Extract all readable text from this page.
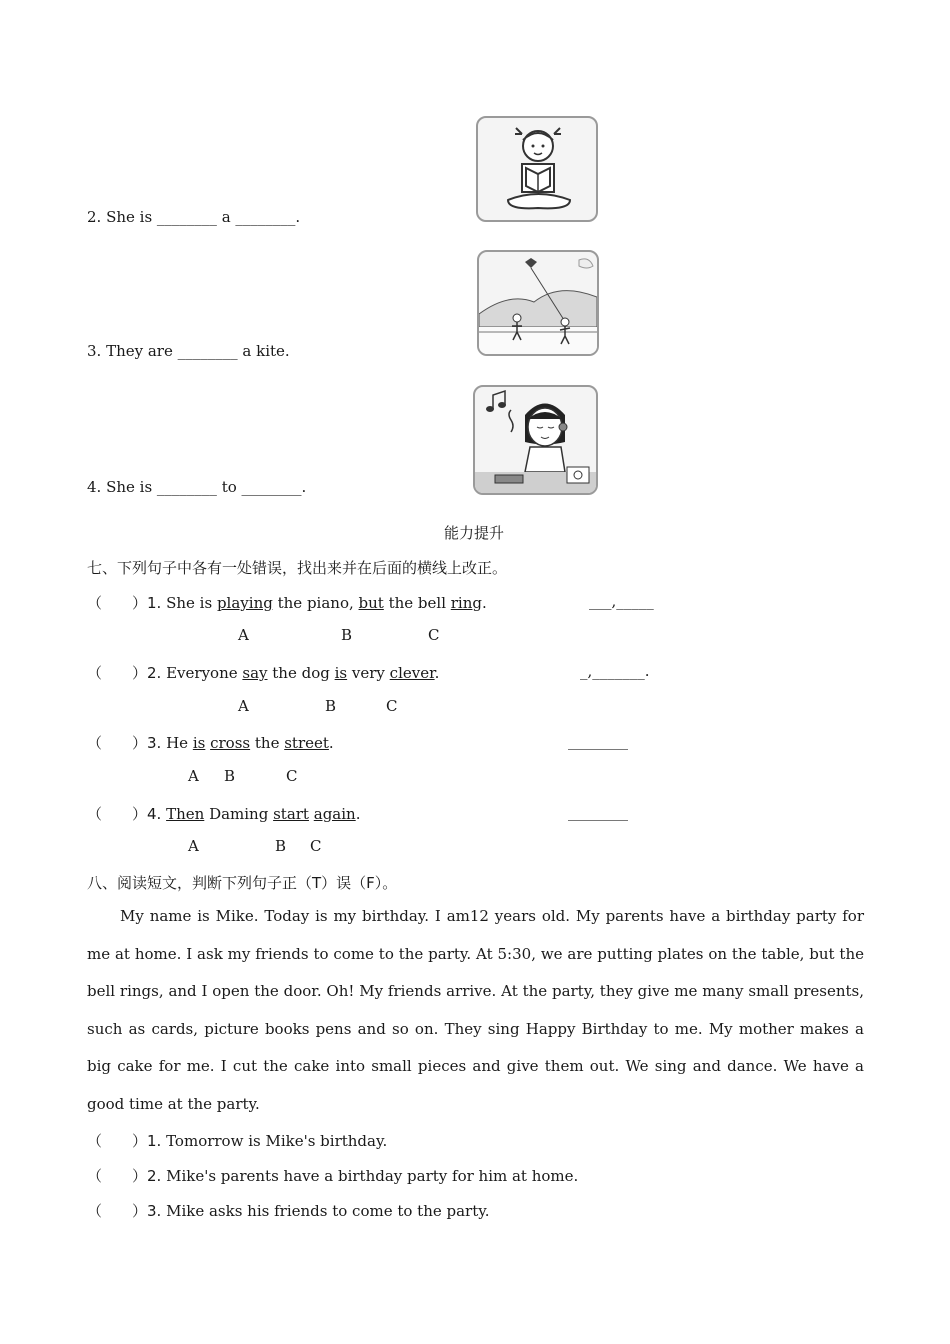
2. She is ________ a ________.
3. They are ________ a kite.
4. She is ________ to ________.
能力提升
七、下列句子中各有一处错误，找出来并在后面的横线上改正。
（　　）1. She is playing the piano, but the bell ring.	___,_____
A	B	C
（　　）2. Everyone say the dog is very clever.	_,_______.
A	B	C
（　　）3. He is cross the street.	________
A B	C
（　　）4. Then Daming start again.	________
A	B C
八、阅读短文，判断下列句子正（T）误（F）。

My name is Mike. Today is my birthday. I am12 years old. My parents have a birthday party for me at home. I ask my friends to come to the party. At 5:30, we are putting plates on the table, but the bell rings, and I open the door. Oh! My friends arrive. At the party, they give me many small presents, such as cards, picture books pens and so on. They sing Happy Birthday to me. My mother makes a big cake for me. I cut the cake into small pieces and give them out. We sing and dance. We have a good time at the party.

（　　）1. Tomorrow is Mike's birthday.
（　　）2. Mike's parents have a birthday party for him at home.
（　　）3. Mike asks his friends to come to the party.
